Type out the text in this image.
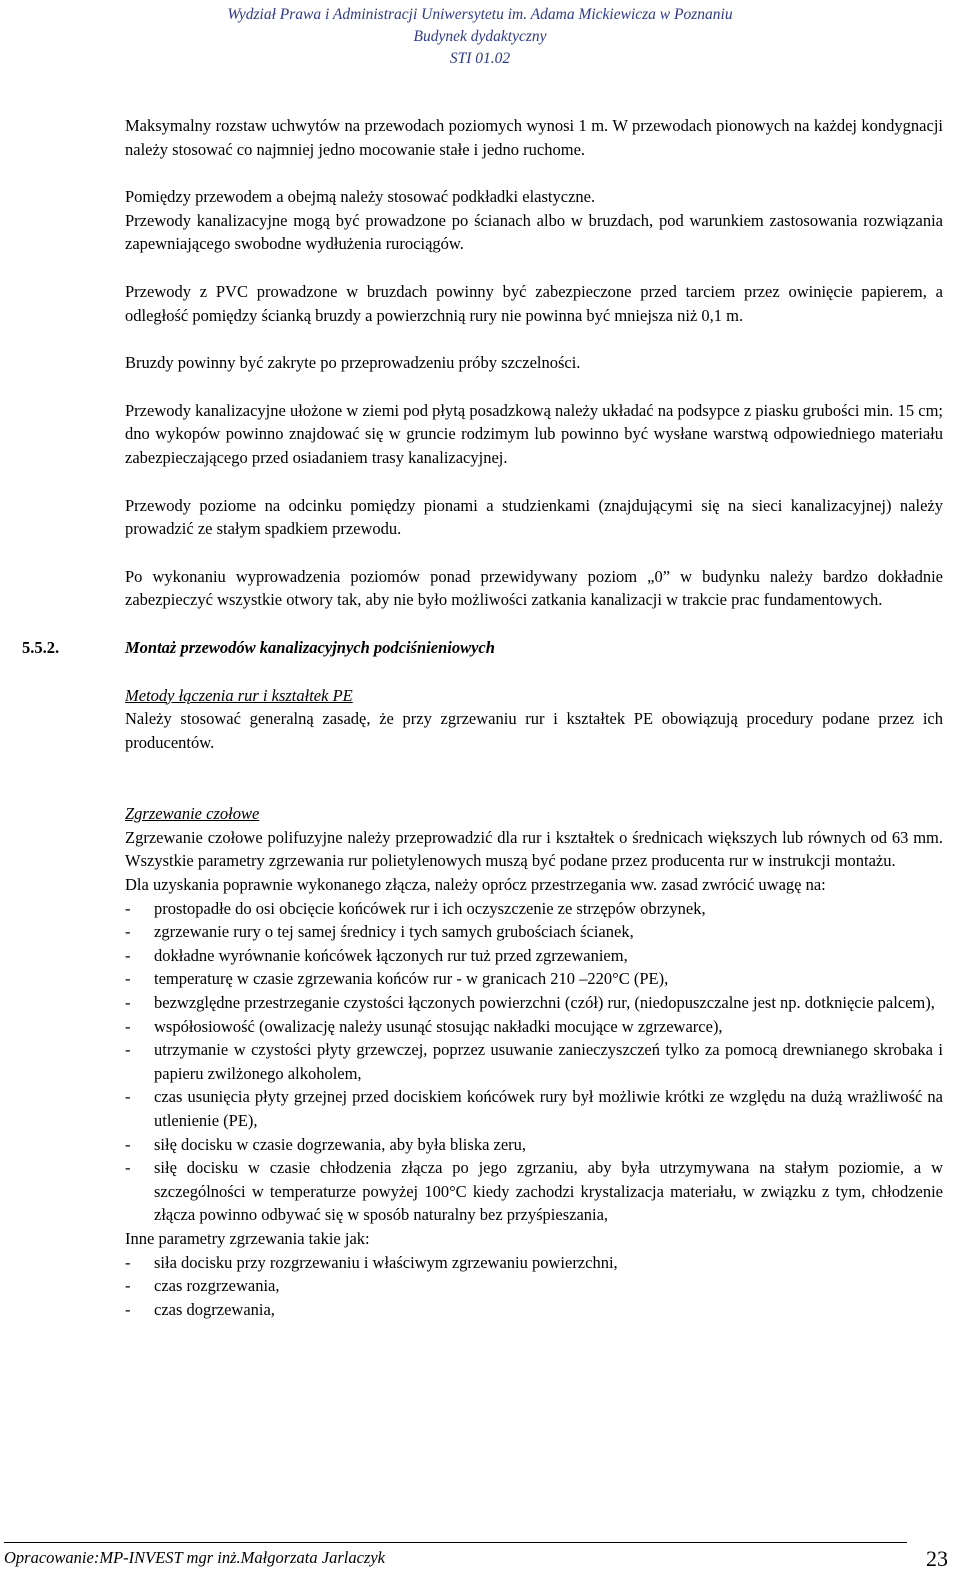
Wydział Prawa i Administracji Uniwersytetu im. Adama Mickiewicza w Poznaniu
Budynek dydaktyczny
STI 01.02

Maksymalny rozstaw uchwytów na przewodach poziomych wynosi 1 m. W przewodach pionowych na każdej kondygnacji należy stosować co najmniej jedno mocowanie stałe i jedno ruchome.

Pomiędzy przewodem a obejmą należy stosować podkładki elastyczne.

Przewody kanalizacyjne mogą być prowadzone po ścianach albo w bruzdach, pod warunkiem zastosowania rozwiązania zapewniającego swobodne wydłużenia rurociągów.

Przewody z PVC prowadzone w bruzdach powinny być zabezpieczone przed tarciem przez owinięcie papierem, a odległość pomiędzy ścianką bruzdy a powierzchnią rury nie powinna być mniejsza niż 0,1 m.

Bruzdy powinny być zakryte po przeprowadzeniu próby szczelności.

Przewody kanalizacyjne ułożone w ziemi pod płytą posadzkową należy układać na podsypce z piasku grubości min. 15 cm; dno wykopów powinno znajdować się w gruncie rodzimym lub powinno być wysłane warstwą odpowiedniego materiału zabezpieczającego przed osiadaniem trasy kanalizacyjnej.

Przewody poziome na odcinku pomiędzy pionami a studzienkami (znajdującymi się na sieci kanalizacyjnej) należy prowadzić ze stałym spadkiem przewodu.

Po wykonaniu wyprowadzenia poziomów ponad przewidywany poziom „0” w budynku należy bardzo dokładnie zabezpieczyć wszystkie otwory tak, aby nie było możliwości zatkania kanalizacji w trakcie prac fundamentowych.

5.5.2.	Montaż przewodów kanalizacyjnych podciśnieniowych
Metody łączenia rur i kształtek PE

Należy stosować generalną zasadę, że przy zgrzewaniu rur i kształtek PE obowiązują procedury podane przez ich producentów.

Zgrzewanie czołowe

Zgrzewanie czołowe polifuzyjne należy przeprowadzić dla rur i kształtek o średnicach większych lub równych od 63 mm. Wszystkie parametry zgrzewania rur polietylenowych muszą być podane przez producenta rur w instrukcji montażu.

Dla uzyskania poprawnie wykonanego złącza, należy oprócz przestrzegania ww. zasad zwrócić uwagę na:

-	prostopadłe do osi obcięcie końcówek rur i ich oczyszczenie ze strzępów obrzynek,
-	zgrzewanie rury o tej samej średnicy i tych samych grubościach ścianek,
-	dokładne wyrównanie końcówek łączonych rur tuż przed zgrzewaniem,
-	temperaturę w czasie zgrzewania końców rur - w granicach 210 –220°C (PE),
-	bezwzględne przestrzeganie czystości łączonych powierzchni (czół) rur, (niedopuszczalne jest np. dotknięcie palcem),
-	współosiowość (owalizację należy usunąć stosując nakładki mocujące w zgrzewarce),
-	utrzymanie w czystości płyty grzewczej, poprzez usuwanie zanieczyszczeń tylko za pomocą drewnianego skrobaka i papieru zwilżonego alkoholem,
-	czas usunięcia płyty grzejnej przed dociskiem końcówek rury był możliwie krótki ze względu na dużą wrażliwość na utlenienie (PE),
-	siłę docisku w czasie dogrzewania, aby była bliska zeru,
-	siłę docisku w czasie chłodzenia złącza po jego zgrzaniu, aby była utrzymywana na stałym poziomie, a w szczególności w temperaturze powyżej 100°C kiedy zachodzi krystalizacja materiału, w związku z tym, chłodzenie złącza powinno odbywać się w sposób naturalny bez przyśpieszania,

Inne parametry zgrzewania takie jak:

-	siła docisku przy rozgrzewaniu i właściwym zgrzewaniu powierzchni,
-	czas rozgrzewania,
-	czas dogrzewania,
Opracowanie:MP-INVEST mgr inż.Małgorzata Jarlaczyk	23
